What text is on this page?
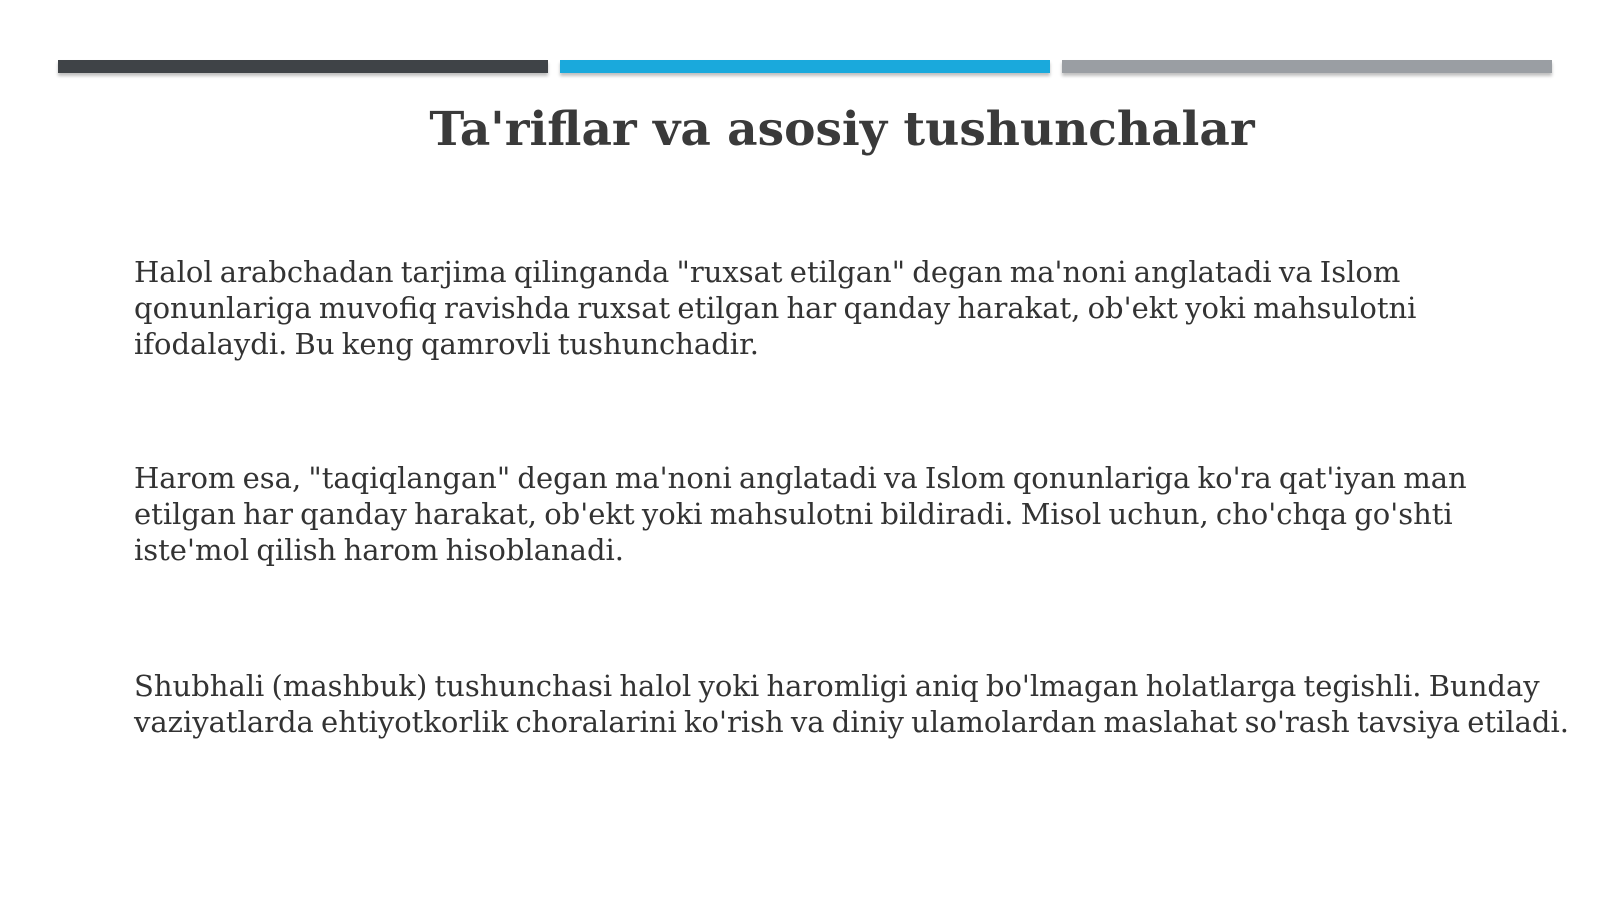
Ta'riflar va asosiy tushunchalar

Halol arabchadan tarjima qilinganda "ruxsat etilgan" degan ma'noni anglatadi va Islom qonunlariga muvofiq ravishda ruxsat etilgan har qanday harakat, ob'ekt yoki mahsulotni ifodalaydi. Bu keng qamrovli tushunchadir.

Harom esa, "taqiqlangan" degan ma'noni anglatadi va Islom qonunlariga ko'ra qat'iyan man etilgan har qanday harakat, ob'ekt yoki mahsulotni bildiradi. Misol uchun, cho'chqa go'shti iste'mol qilish harom hisoblanadi.

Shubhali (mashbuk) tushunchasi halol yoki haromligi aniq bo'lmagan holatlarga tegishli. Bunday vaziyatlarda ehtiyotkorlik choralarini ko'rish va diniy ulamolardan maslahat so'rash tavsiya etiladi.
